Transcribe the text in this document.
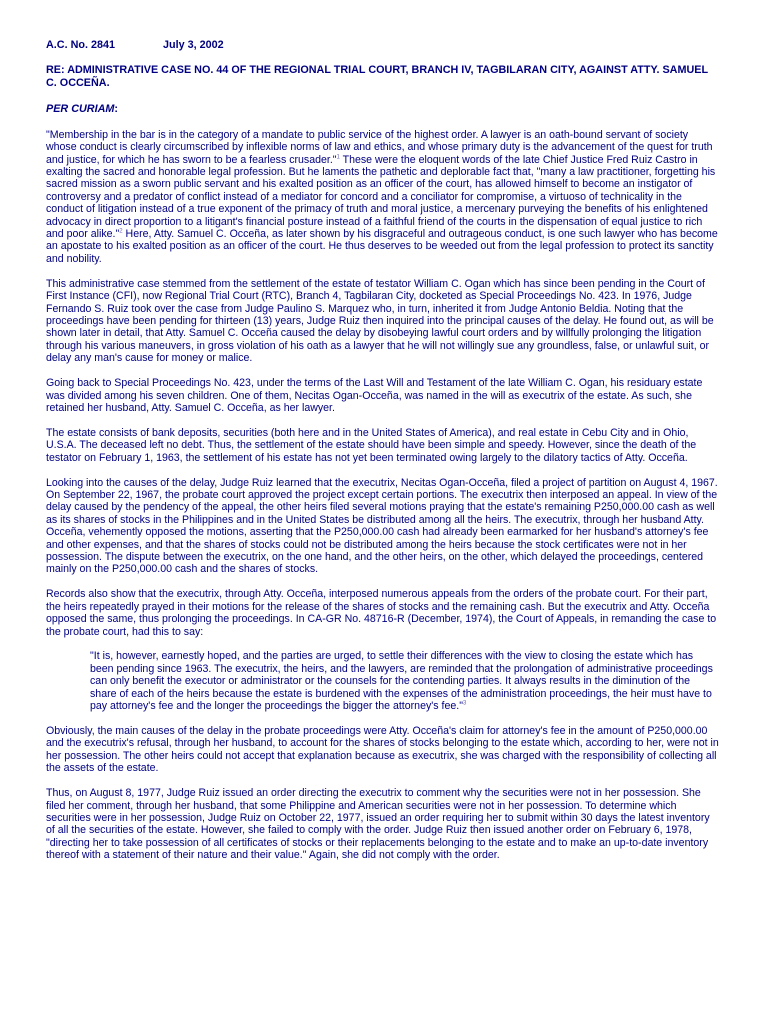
A.C. No. 2841	July 3, 2002
RE: ADMINISTRATIVE CASE NO. 44 OF THE REGIONAL TRIAL COURT, BRANCH IV, TAGBILARAN CITY, AGAINST ATTY. SAMUEL C. OCCEÑA.
PER CURIAM:

"Membership in the bar is in the category of a mandate to public service of the highest order. A lawyer is an oath-bound servant of society whose conduct is clearly circumscribed by inflexible norms of law and ethics, and whose primary duty is the advancement of the quest for truth and justice, for which he has sworn to be a fearless crusader."$^1$ These were the eloquent words of the late Chief Justice Fred Ruiz Castro in exalting the sacred and honorable legal profession. But he laments the pathetic and deplorable fact that, "many a law practitioner, forgetting his sacred mission as a sworn public servant and his exalted position as an officer of the court, has allowed himself to become an instigator of controversy and a predator of conflict instead of a mediator for concord and a conciliator for compromise, a virtuoso of technicality in the conduct of litigation instead of a true exponent of the primacy of truth and moral justice, a mercenary purveying the benefits of his enlightened advocacy in direct proportion to a litigant's financial posture instead of a faithful friend of the courts in the dispensation of equal justice to rich and poor alike."$^2$ Here, Atty. Samuel C. Occeña, as later shown by his disgraceful and outrageous conduct, is one such lawyer who has become an apostate to his exalted position as an officer of the court. He thus deserves to be weeded out from the legal profession to protect its sanctity and nobility.

This administrative case stemmed from the settlement of the estate of testator William C. Ogan which has since been pending in the Court of First Instance (CFI), now Regional Trial Court (RTC), Branch 4, Tagbilaran City, docketed as Special Proceedings No. 423. In 1976, Judge Fernando S. Ruiz took over the case from Judge Paulino S. Marquez who, in turn, inherited it from Judge Antonio Beldia. Noting that the proceedings have been pending for thirteen (13) years, Judge Ruiz then inquired into the principal causes of the delay. He found out, as will be shown later in detail, that Atty. Samuel C. Occeña caused the delay by disobeying lawful court orders and by willfully prolonging the litigation through his various maneuvers, in gross violation of his oath as a lawyer that he will not willingly sue any groundless, false, or unlawful suit, or delay any man's cause for money or malice.

Going back to Special Proceedings No. 423, under the terms of the Last Will and Testament of the late William C. Ogan, his residuary estate was divided among his seven children. One of them, Necitas Ogan-Occeña, was named in the will as executrix of the estate. As such, she retained her husband, Atty. Samuel C. Occeña, as her lawyer.

The estate consists of bank deposits, securities (both here and in the United States of America), and real estate in Cebu City and in Ohio, U.S.A. The deceased left no debt. Thus, the settlement of the estate should have been simple and speedy. However, since the death of the testator on February 1, 1963, the settlement of his estate has not yet been terminated owing largely to the dilatory tactics of Atty. Occeña.

Looking into the causes of the delay, Judge Ruiz learned that the executrix, Necitas Ogan-Occeña, filed a project of partition on August 4, 1967. On September 22, 1967, the probate court approved the project except certain portions. The executrix then interposed an appeal. In view of the delay caused by the pendency of the appeal, the other heirs filed several motions praying that the estate's remaining P250,000.00 cash as well as its shares of stocks in the Philippines and in the United States be distributed among all the heirs. The executrix, through her husband Atty. Occeña, vehemently opposed the motions, asserting that the P250,000.00 cash had already been earmarked for her husband's attorney's fee and other expenses, and that the shares of stocks could not be distributed among the heirs because the stock certificates were not in her possession. The dispute between the executrix, on the one hand, and the other heirs, on the other, which delayed the proceedings, centered mainly on the P250,000.00 cash and the shares of stocks.

Records also show that the executrix, through Atty. Occeña, interposed numerous appeals from the orders of the probate court. For their part, the heirs repeatedly prayed in their motions for the release of the shares of stocks and the remaining cash. But the executrix and Atty. Occeña opposed the same, thus prolonging the proceedings. In CA-GR No. 48716-R (December, 1974), the Court of Appeals, in remanding the case to the probate court, had this to say:

"It is, however, earnestly hoped, and the parties are urged, to settle their differences with the view to closing the estate which has been pending since 1963. The executrix, the heirs, and the lawyers, are reminded that the prolongation of administrative proceedings can only benefit the executor or administrator or the counsels for the contending parties. It always results in the diminution of the share of each of the heirs because the estate is burdened with the expenses of the administration proceedings, the heir must have to pay attorney's fee and the longer the proceedings the bigger the attorney's fee."$^3$

Obviously, the main causes of the delay in the probate proceedings were Atty. Occeña's claim for attorney's fee in the amount of P250,000.00 and the executrix's refusal, through her husband, to account for the shares of stocks belonging to the estate which, according to her, were not in her possession. The other heirs could not accept that explanation because as executrix, she was charged with the responsibility of collecting all the assets of the estate.

Thus, on August 8, 1977, Judge Ruiz issued an order directing the executrix to comment why the securities were not in her possession. She filed her comment, through her husband, that some Philippine and American securities were not in her possession. To determine which securities were in her possession, Judge Ruiz on October 22, 1977, issued an order requiring her to submit within 30 days the latest inventory of all the securities of the estate. However, she failed to comply with the order. Judge Ruiz then issued another order on February 6, 1978, "directing her to take possession of all certificates of stocks or their replacements belonging to the estate and to make an up-to-date inventory thereof with a statement of their nature and their value." Again, she did not comply with the order.
